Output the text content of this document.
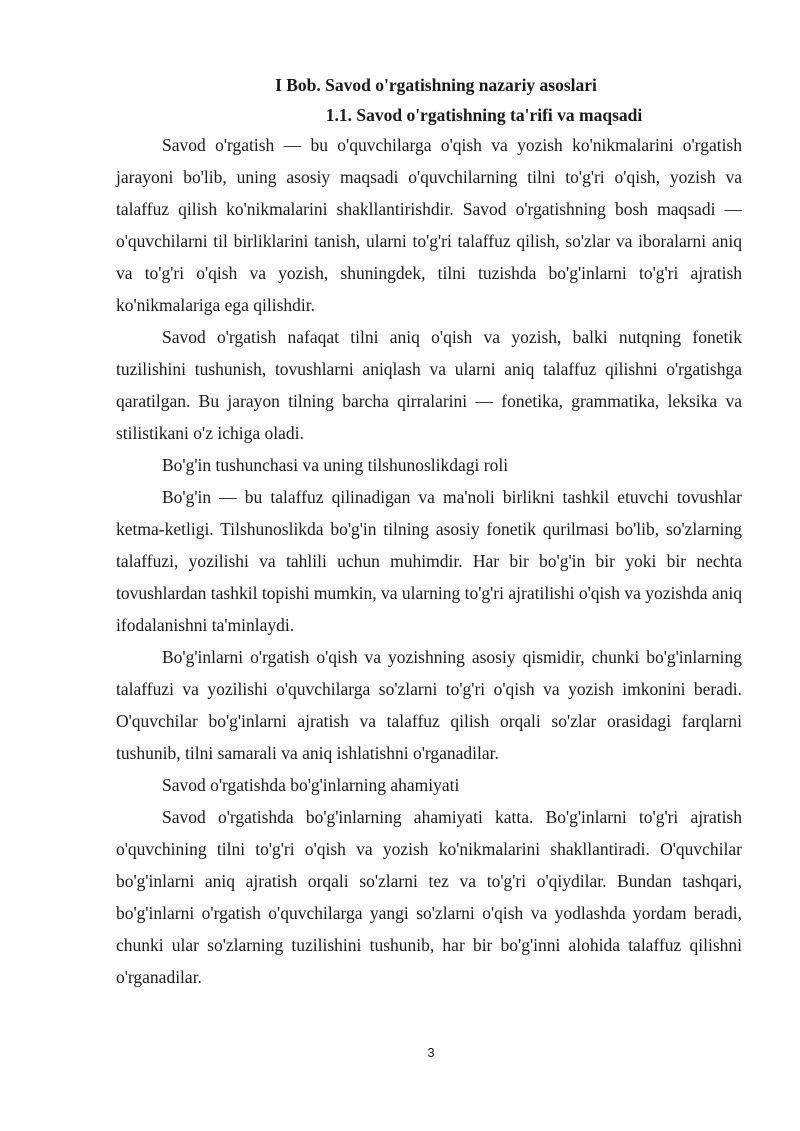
I Bob. Savod o'rgatishning nazariy asoslari
1.1. Savod o'rgatishning ta'rifi va maqsadi

Savod o'rgatish — bu o'quvchilarga o'qish va yozish ko'nikmalarini o'rgatish jarayoni bo'lib, uning asosiy maqsadi o'quvchilarning tilni to'g'ri o'qish, yozish va talaffuz qilish ko'nikmalarini shakllantirishdir. Savod o'rgatishning bosh maqsadi — o'quvchilarni til birliklarini tanish, ularni to'g'ri talaffuz qilish, so'zlar va iboralarni aniq va to'g'ri o'qish va yozish, shuningdek, tilni tuzishda bo'g'inlarni to'g'ri ajratish ko'nikmalariga ega qilishdir.

Savod o'rgatish nafaqat tilni aniq o'qish va yozish, balki nutqning fonetik tuzilishini tushunish, tovushlarni aniqlash va ularni aniq talaffuz qilishni o'rgatishga qaratilgan. Bu jarayon tilning barcha qirralarini — fonetika, grammatika, leksika va stilistikani o'z ichiga oladi.

Bo'g'in tushunchasi va uning tilshunoslikdagi roli

Bo'g'in — bu talaffuz qilinadigan va ma'noli birlikni tashkil etuvchi tovushlar ketma-ketligi. Tilshunoslikda bo'g'in tilning asosiy fonetik qurilmasi bo'lib, so'zlarning talaffuzi, yozilishi va tahlili uchun muhimdir. Har bir bo'g'in bir yoki bir nechta tovushlardan tashkil topishi mumkin, va ularning to'g'ri ajratilishi o'qish va yozishda aniq ifodalanishni ta'minlaydi.

Bo'g'inlarni o'rgatish o'qish va yozishning asosiy qismidir, chunki bo'g'inlarning talaffuzi va yozilishi o'quvchilarga so'zlarni to'g'ri o'qish va yozish imkonini beradi. O'quvchilar bo'g'inlarni ajratish va talaffuz qilish orqali so'zlar orasidagi farqlarni tushunib, tilni samarali va aniq ishlatishni o'rganadilar.

Savod o'rgatishda bo'g'inlarning ahamiyati

Savod o'rgatishda bo'g'inlarning ahamiyati katta. Bo'g'inlarni to'g'ri ajratish o'quvchining tilni to'g'ri o'qish va yozish ko'nikmalarini shakllantiradi. O'quvchilar bo'g'inlarni aniq ajratish orqali so'zlarni tez va to'g'ri o'qiydilar. Bundan tashqari, bo'g'inlarni o'rgatish o'quvchilarga yangi so'zlarni o'qish va yodlashda yordam beradi, chunki ular so'zlarning tuzilishini tushunib, har bir bo'g'inni alohida talaffuz qilishni o'rganadilar.

3
